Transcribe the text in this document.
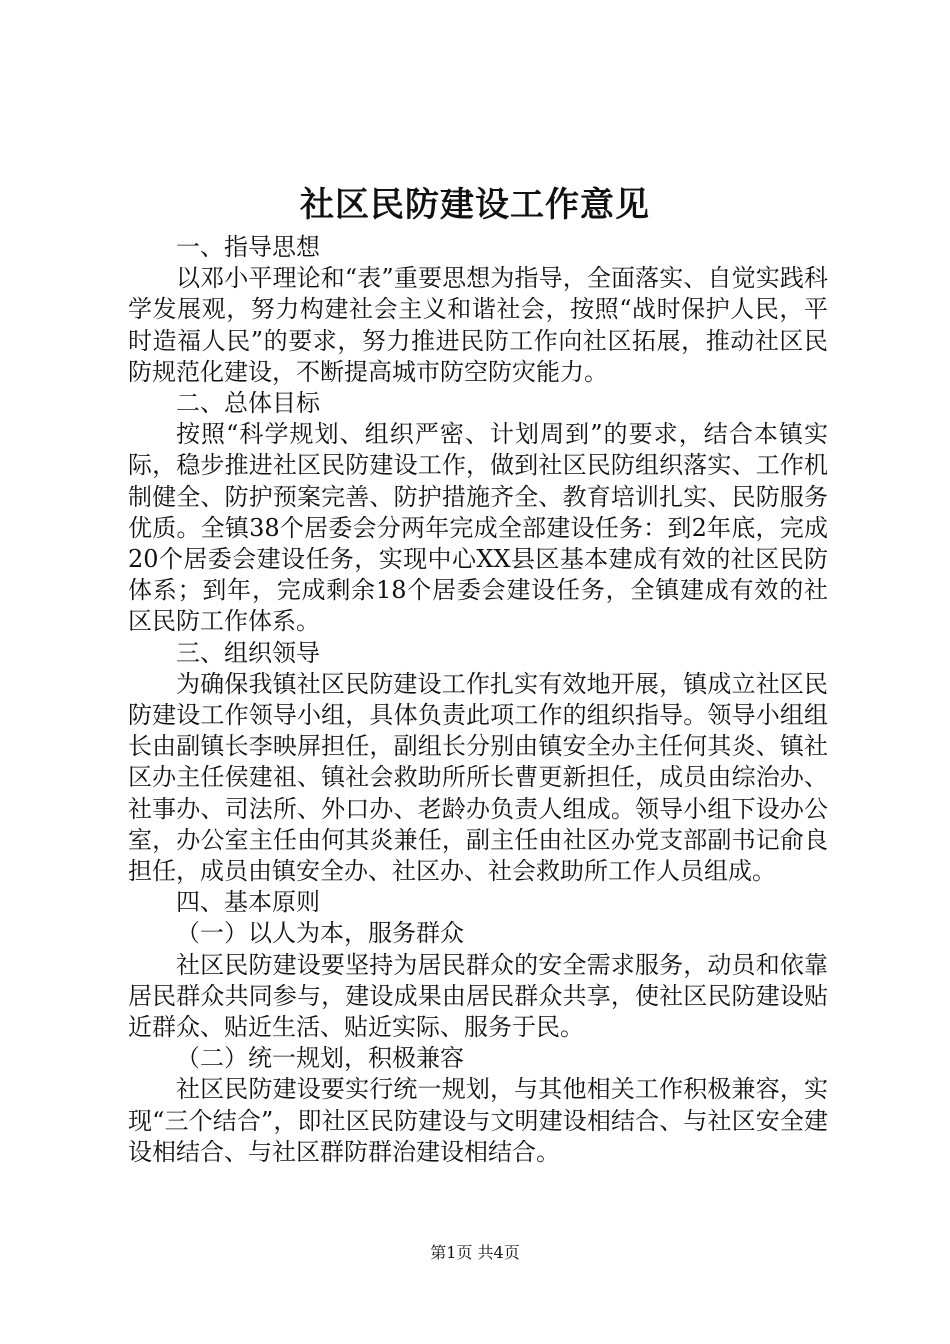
社区民防建设工作意见

一、指导思想

以邓小平理论和“表”重要思想为指导，全面落实、自觉实践科学发展观，努力构建社会主义和谐社会，按照“战时保护人民，平时造福人民”的要求，努力推进民防工作向社区拓展，推动社区民防规范化建设，不断提高城市防空防灾能力。

二、总体目标

按照“科学规划、组织严密、计划周到”的要求，结合本镇实际，稳步推进社区民防建设工作，做到社区民防组织落实、工作机制健全、防护预案完善、防护措施齐全、教育培训扎实、民防服务优质。全镇38个居委会分两年完成全部建设任务：到2年底，完成20个居委会建设任务，实现中心XX县区基本建成有效的社区民防体系；到年，完成剩余18个居委会建设任务，全镇建成有效的社区民防工作体系。

三、组织领导

为确保我镇社区民防建设工作扎实有效地开展，镇成立社区民防建设工作领导小组，具体负责此项工作的组织指导。领导小组组长由副镇长李映屏担任，副组长分别由镇安全办主任何其炎、镇社区办主任侯建祖、镇社会救助所所长曹更新担任，成员由综治办、社事办、司法所、外口办、老龄办负责人组成。领导小组下设办公室，办公室主任由何其炎兼任，副主任由社区办党支部副书记俞良担任，成员由镇安全办、社区办、社会救助所工作人员组成。

四、基本原则

（一）以人为本，服务群众

社区民防建设要坚持为居民群众的安全需求服务，动员和依靠居民群众共同参与，建设成果由居民群众共享，使社区民防建设贴近群众、贴近生活、贴近实际、服务于民。

（二）统一规划，积极兼容

社区民防建设要实行统一规划，与其他相关工作积极兼容，实现“三个结合”，即社区民防建设与文明建设相结合、与社区安全建设相结合、与社区群防群治建设相结合。

第1页 共4页
